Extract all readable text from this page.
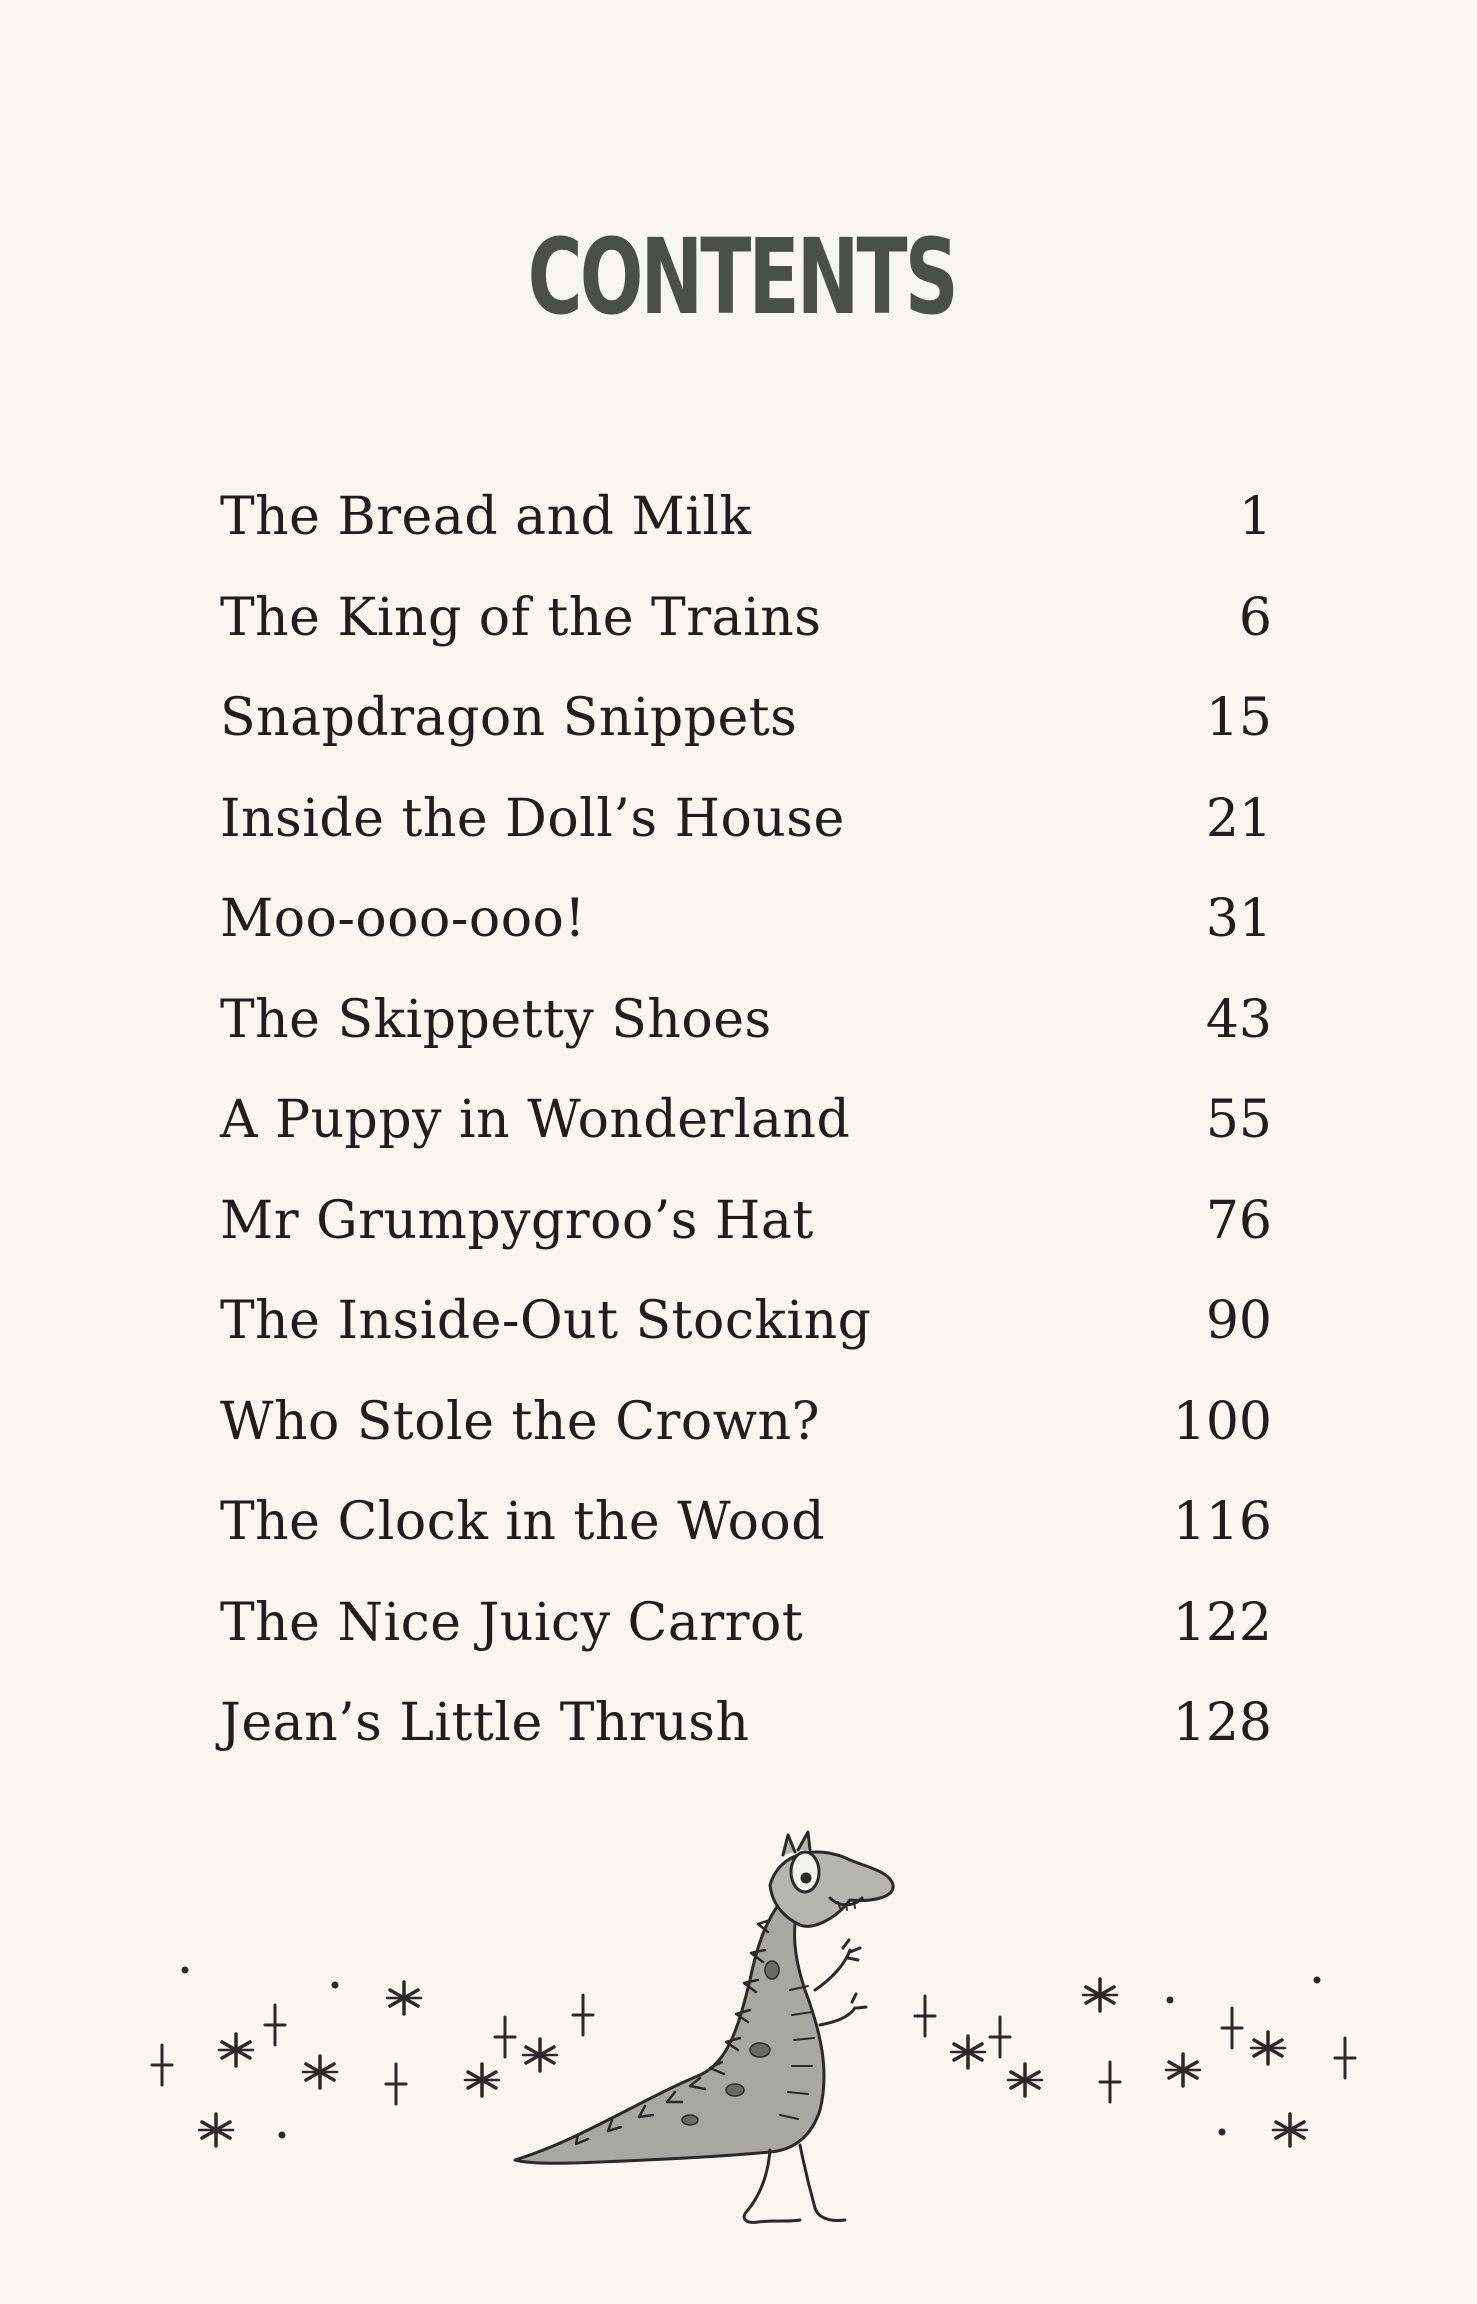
CONTENTS
The Bread and Milk	1
The King of the Trains	6
Snapdragon Snippets	15
Inside the Doll’s House	21
Moo-ooo-ooo!	31
The Skippetty Shoes	43
A Puppy in Wonderland	55
Mr Grumpygroo’s Hat	76
The Inside-Out Stocking	90
Who Stole the Crown?	100
The Clock in the Wood	116
The Nice Juicy Carrot	122
Jean’s Little Thrush	128
